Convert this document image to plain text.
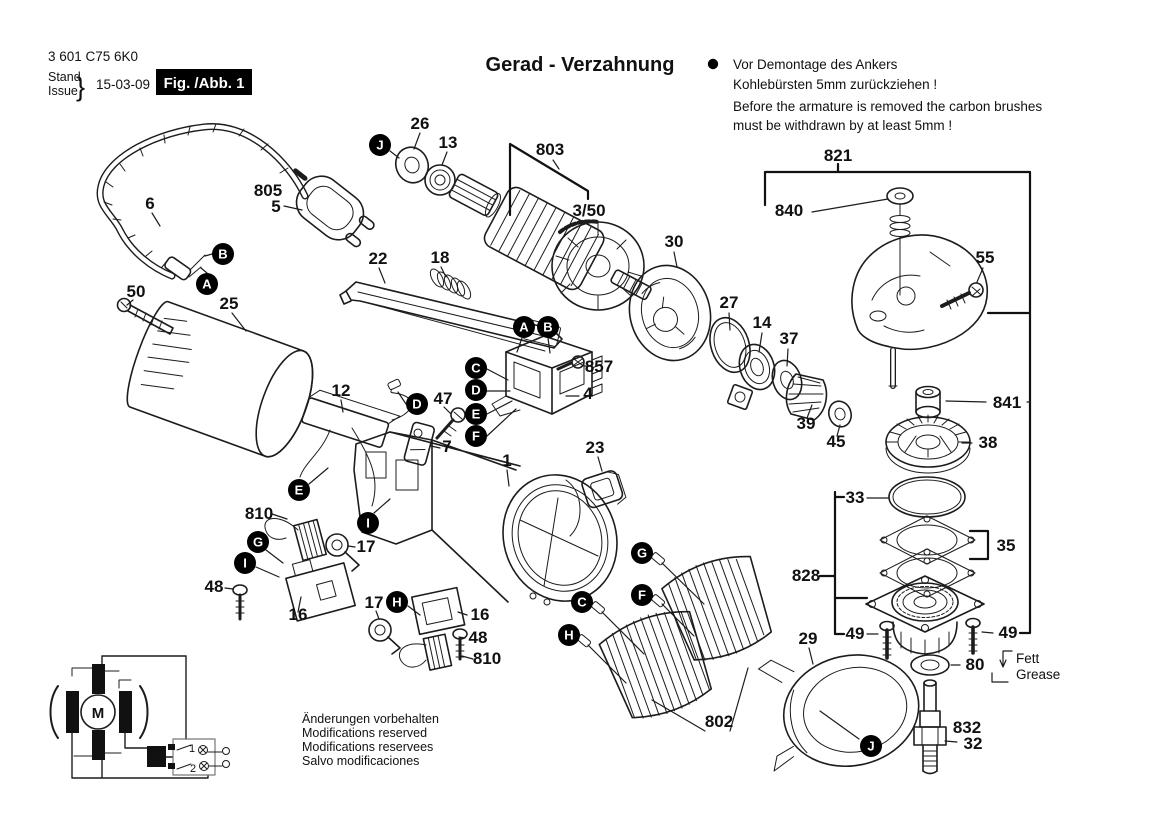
3 601 C75 6K0
Stand
Issue
} 15-03-09 Fig. /Abb. 1
Gerad - Verzahnung	Vor Demontage des Ankers
Kohlebürsten 5mm zurückziehen !
Before the armature is removed the carbon brushes
must be withdrawn by at least 5mm !
Änderungen vorbehalten
Modifications reserved
Modifications reservees
Salvo modificaciones
Fett
Grease
M
1
2
26
13	803
3/50
805
5
6
50
25
22	18
30
27
14
37
39
45
821
840
55
841
38
33
35
828
49	49
80
832
32
29
802
857
4
12	47
7
1
23
810
17
48
16
17
16
48
810
J
B
A
A B
C
D
E
F
D
E
I
G
I
H
G
F
C
H
J
